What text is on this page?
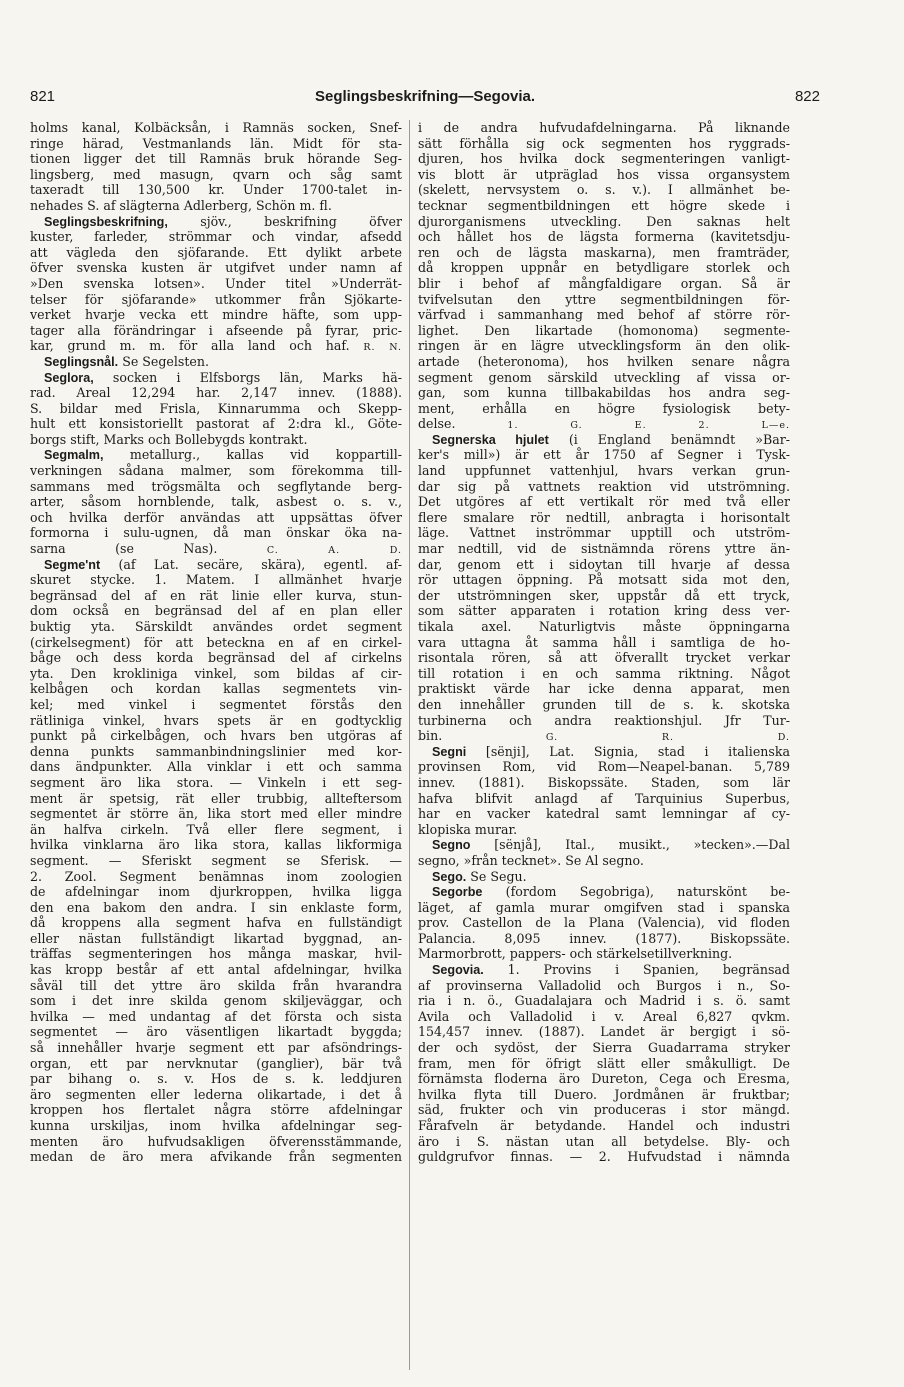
821	Seglingsbeskrifning—Segovia.	822
holms kanal, Kolbäcksån, i Ramnäs socken, Snef-
ringe härad, Vestmanlands län. Midt för sta-
tionen ligger det till Ramnäs bruk hörande Seg-
lingsberg, med masugn, qvarn och såg samt
taxeradt till 130,500 kr. Under 1700-talet in-
nehades S. af slägterna Adlerberg, Schön m. fl.
Seglingsbeskrifning, sjöv., beskrifning öfver
kuster, farleder, strömmar och vindar, afsedd
att vägleda den sjöfarande. Ett dylikt arbete
öfver svenska kusten är utgifvet under namn af
»Den svenska lotsen». Under titel »Underrät-
telser för sjöfarande» utkommer från Sjökarte-
verket hvarje vecka ett mindre häfte, som upp-
tager alla förändringar i afseende på fyrar, pric-
kar, grund m. m. för alla land och haf. R. N.
Seglingsnål. Se Segelsten.
Seglora, socken i Elfsborgs län, Marks hä-
rad. Areal 12,294 har. 2,147 innev. (1888).
S. bildar med Frisla, Kinnarumma och Skepp-
hult ett konsistoriellt pastorat af 2:dra kl., Göte-
borgs stift, Marks och Bollebygds kontrakt.
Segmalm, metallurg., kallas vid koppartill-
verkningen sådana malmer, som förekomma till-
sammans med trögsmälta och segflytande berg-
arter, såsom hornblende, talk, asbest o. s. v.,
och hvilka derför användas att uppsättas öfver
formorna i sulu-ugnen, då man önskar öka na-
sarna (se Nas).	C. A. D.
Segme'nt (af Lat. secäre, skära), egentl. af-
skuret stycke. 1. Matem. I allmänhet hvarje
begränsad del af en rät linie eller kurva, stun-
dom också en begränsad del af en plan eller
buktig yta. Särskildt användes ordet segment
(cirkelsegment) för att beteckna en af en cirkel-
båge och dess korda begränsad del af cirkelns
yta. Den krokliniga vinkel, som bildas af cir-
kelbågen och kordan kallas segmentets vin-
kel; med vinkel i segmentet förstås den
rätliniga vinkel, hvars spets är en godtycklig
punkt på cirkelbågen, och hvars ben utgöras af
denna punkts sammanbindningslinier med kor-
dans ändpunkter. Alla vinklar i ett och samma
segment äro lika stora. — Vinkeln i ett seg-
ment är spetsig, rät eller trubbig, allteftersom
segmentet är större än, lika stort med eller mindre
än halfva cirkeln. Två eller flere segment, i
hvilka vinklarna äro lika stora, kallas likformiga
segment. — Sferiskt segment se Sferisk. —
2. Zool. Segment benämnas inom zoologien
de afdelningar inom djurkroppen, hvilka ligga
den ena bakom den andra. I sin enklaste form,
då kroppens alla segment hafva en fullständigt
eller nästan fullständigt likartad byggnad, an-
träffas segmenteringen hos många maskar, hvil-
kas kropp består af ett antal afdelningar, hvilka
såväl till det yttre äro skilda från hvarandra
som i det inre skilda genom skiljeväggar, och
hvilka — med undantag af det första och sista
segmentet — äro väsentligen likartadt byggda;
så innehåller hvarje segment ett par afsöndrings-
organ, ett par nervknutar (ganglier), bär två
par bihang o. s. v. Hos de s. k. leddjuren
äro segmenten eller lederna olikartade, i det å
kroppen hos flertalet några större afdelningar
kunna urskiljas, inom hvilka afdelningar seg-
menten äro hufvudsakligen öfverensstämmande,
medan de äro mera afvikande från segmenten
i de andra hufvudafdelningarna. På liknande
sätt förhålla sig ock segmenten hos ryggrads-
djuren, hos hvilka dock segmenteringen vanligt-
vis blott är utpräglad hos vissa organsystem
(skelett, nervsystem o. s. v.). I allmänhet be-
tecknar segmentbildningen ett högre skede i
djurorganismens utveckling. Den saknas helt
och hållet hos de lägsta formerna (kavitetsdju-
ren och de lägsta maskarna), men framträder,
då kroppen uppnår en betydligare storlek och
blir i behof af mångfaldigare organ. Så är
tvifvelsutan den yttre segmentbildningen för-
värfvad i sammanhang med behof af större rör-
lighet. Den likartade (homonoma) segmente-
ringen är en lägre utvecklingsform än den olik-
artade (heteronoma), hos hvilken senare några
segment genom särskild utveckling af vissa or-
gan, som kunna tillbakabildas hos andra seg-
ment, erhålla en högre fysiologisk bety-
delse.	1. G. E. 2. L—e.
Segnerska hjulet (i England benämndt »Bar-
ker's mill») är ett år 1750 af Segner i Tysk-
land uppfunnet vattenhjul, hvars verkan grun-
dar sig på vattnets reaktion vid utströmning.
Det utgöres af ett vertikalt rör med två eller
flere smalare rör nedtill, anbragta i horisontalt
läge. Vattnet inströmmar upptill och utström-
mar nedtill, vid de sistnämnda rörens yttre än-
dar, genom ett i sidoytan till hvarje af dessa
rör uttagen öppning. På motsatt sida mot den,
der utströmningen sker, uppstår då ett tryck,
som sätter apparaten i rotation kring dess ver-
tikala axel. Naturligtvis måste öppningarna
vara uttagna åt samma håll i samtliga de ho-
risontala rören, så att öfverallt trycket verkar
till rotation i en och samma riktning. Något
praktiskt värde har icke denna apparat, men
den innehåller grunden till de s. k. skotska
turbinerna och andra reaktionshjul. Jfr Tur-
bin.	G. R. D.
Segni [sënji], Lat. Signia, stad i italienska
provinsen Rom, vid Rom—Neapel-banan. 5,789
innev. (1881). Biskopssäte. Staden, som lär
hafva blifvit anlagd af Tarquinius Superbus,
har en vacker katedral samt lemningar af cy-
klopiska murar.
Segno [sënjå], Ital., musikt., »tecken».—Dal
segno, »från tecknet». Se Al segno.
Sego. Se Segu.
Segorbe (fordom Segobriga), naturskönt be-
läget, af gamla murar omgifven stad i spanska
prov. Castellon de la Plana (Valencia), vid floden
Palancia. 8,095 innev. (1877). Biskopssäte.
Marmorbrott, pappers- och stärkelsetillverkning.
Segovia. 1. Provins i Spanien, begränsad
af provinserna Valladolid och Burgos i n., So-
ria i n. ö., Guadalajara och Madrid i s. ö. samt
Avila och Valladolid i v. Areal 6,827 qvkm.
154,457 innev. (1887). Landet är bergigt i sö-
der och sydöst, der Sierra Guadarrama stryker
fram, men för öfrigt slätt eller småkulligt. De
förnämsta floderna äro Dureton, Cega och Eresma,
hvilka flyta till Duero. Jordmånen är fruktbar;
säd, frukter och vin produceras i stor mängd.
Fårafveln är betydande. Handel och industri
äro i S. nästan utan all betydelse. Bly- och
guldgrufvor finnas. — 2. Hufvudstad i nämnda
